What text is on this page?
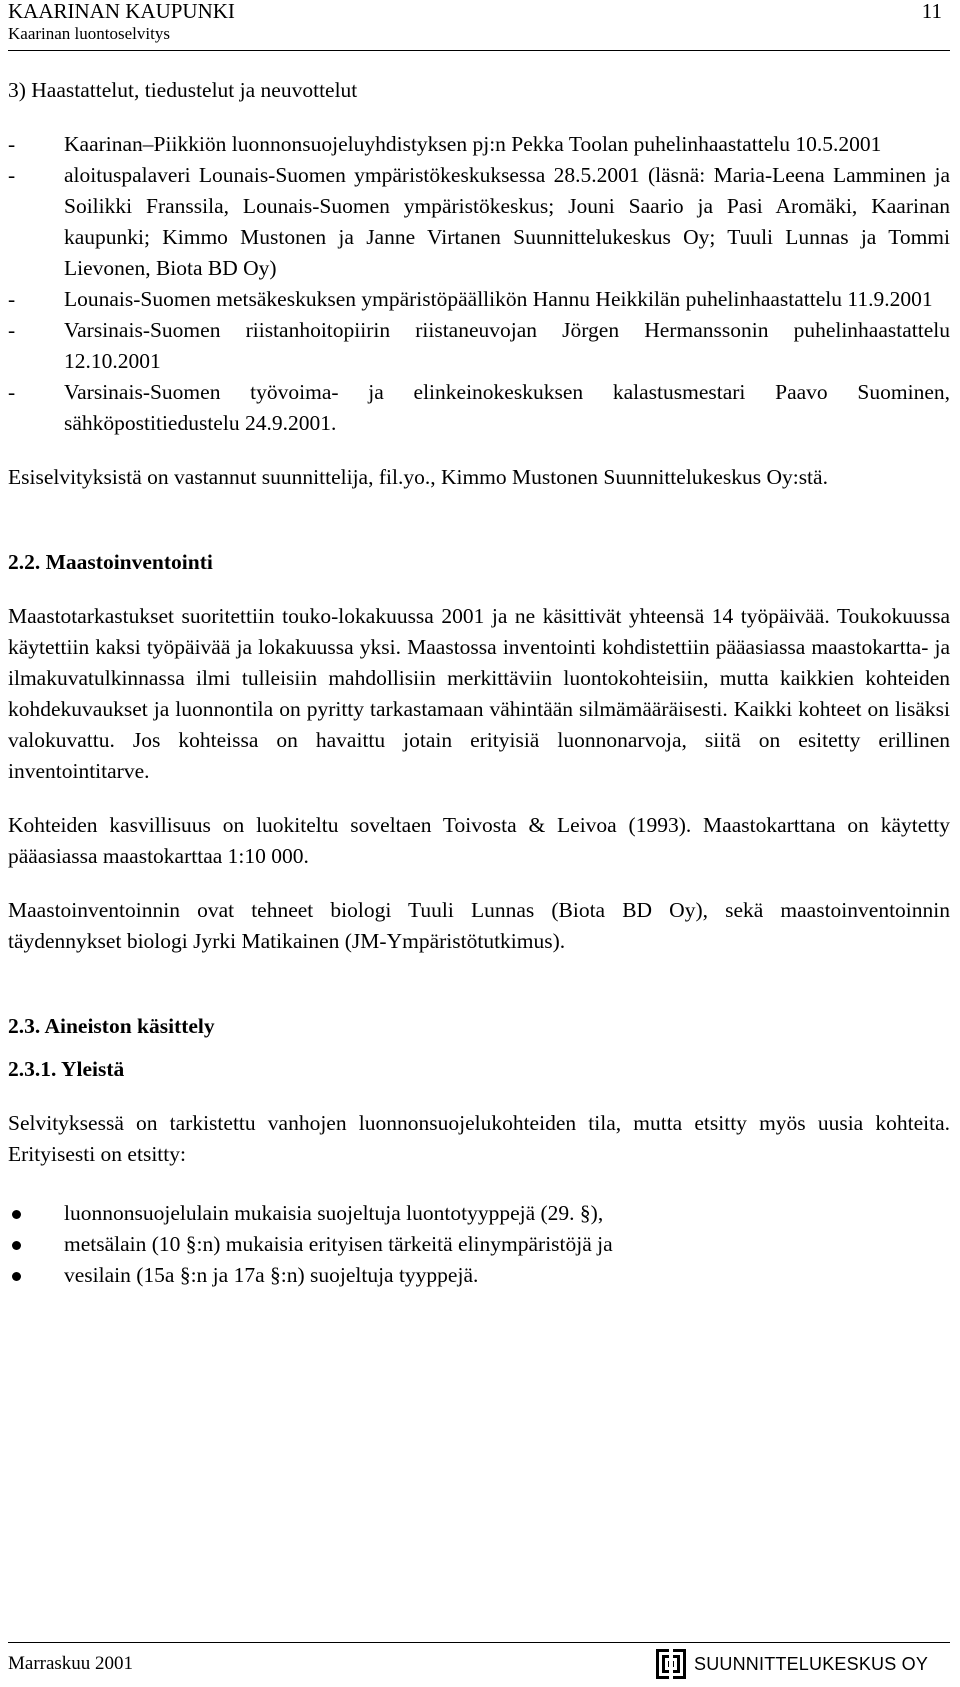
KAARINAN KAUPUNKI
Kaarinan luontoselvitys
11

3) Haastattelut, tiedustelut ja neuvottelut

- Kaarinan–Piikkiön luonnonsuojeluyhdistyksen pj:n Pekka Toolan puhelinhaastattelu 10.5.2001
- aloituspalaveri Lounais-Suomen ympäristökeskuksessa 28.5.2001 (läsnä: Maria-Leena Lamminen ja Soilikki Franssila, Lounais-Suomen ympäristökeskus; Jouni Saario ja Pasi Aromäki, Kaarinan kaupunki; Kimmo Mustonen ja Janne Virtanen Suunnittelukeskus Oy; Tuuli Lunnas ja Tommi Lievonen, Biota BD Oy)
- Lounais-Suomen metsäkeskuksen ympäristöpäällikön Hannu Heikkilän puhelinhaastattelu 11.9.2001
- Varsinais-Suomen riistanhoitopiirin riistaneuvojan Jörgen Hermanssonin puhelinhaastattelu 12.10.2001
- Varsinais-Suomen työvoima- ja elinkeinokeskuksen kalastusmestari Paavo Suominen, sähköpostitiedustelu 24.9.2001.

Esiselvityksistä on vastannut suunnittelija, fil.yo., Kimmo Mustonen Suunnittelukeskus Oy:stä.

2.2. Maastoinventointi

Maastotarkastukset suoritettiin touko-lokakuussa 2001 ja ne käsittivät yhteensä 14 työpäivää. Toukokuussa käytettiin kaksi työpäivää ja lokakuussa yksi. Maastossa inventointi kohdistettiin pääasiassa maastokartta- ja ilmakuvatulkinnassa ilmi tulleisiin mahdollisiin merkittäviin luontokohteisiin, mutta kaikkien kohteiden kohdekuvaukset ja luonnontila on pyritty tarkastamaan vähintään silmämääräisesti. Kaikki kohteet on lisäksi valokuvattu. Jos kohteissa on havaittu jotain erityisiä luonnonarvoja, siitä on esitetty erillinen inventointitarve.

Kohteiden kasvillisuus on luokiteltu soveltaen Toivosta & Leivoa (1993). Maastokarttana on käytetty pääasiassa maastokarttaa 1:10 000.

Maastoinventoinnin ovat tehneet biologi Tuuli Lunnas (Biota BD Oy), sekä maastoinventoinnin täydennykset biologi Jyrki Matikainen (JM-Ympäristötutkimus).

2.3. Aineiston käsittely

2.3.1. Yleistä

Selvityksessä on tarkistettu vanhojen luonnonsuojelukohteiden tila, mutta etsitty myös uusia kohteita. Erityisesti on etsitty:

luonnonsuojelulain mukaisia suojeltuja luontotyyppejä (29. §),
metsälain (10 §:n) mukaisia erityisen tärkeitä elinympäristöjä ja
vesilain (15a §:n ja 17a §:n) suojeltuja tyyppejä.
Marraskuu 2001	SUUNNITTELUKESKUS OY
